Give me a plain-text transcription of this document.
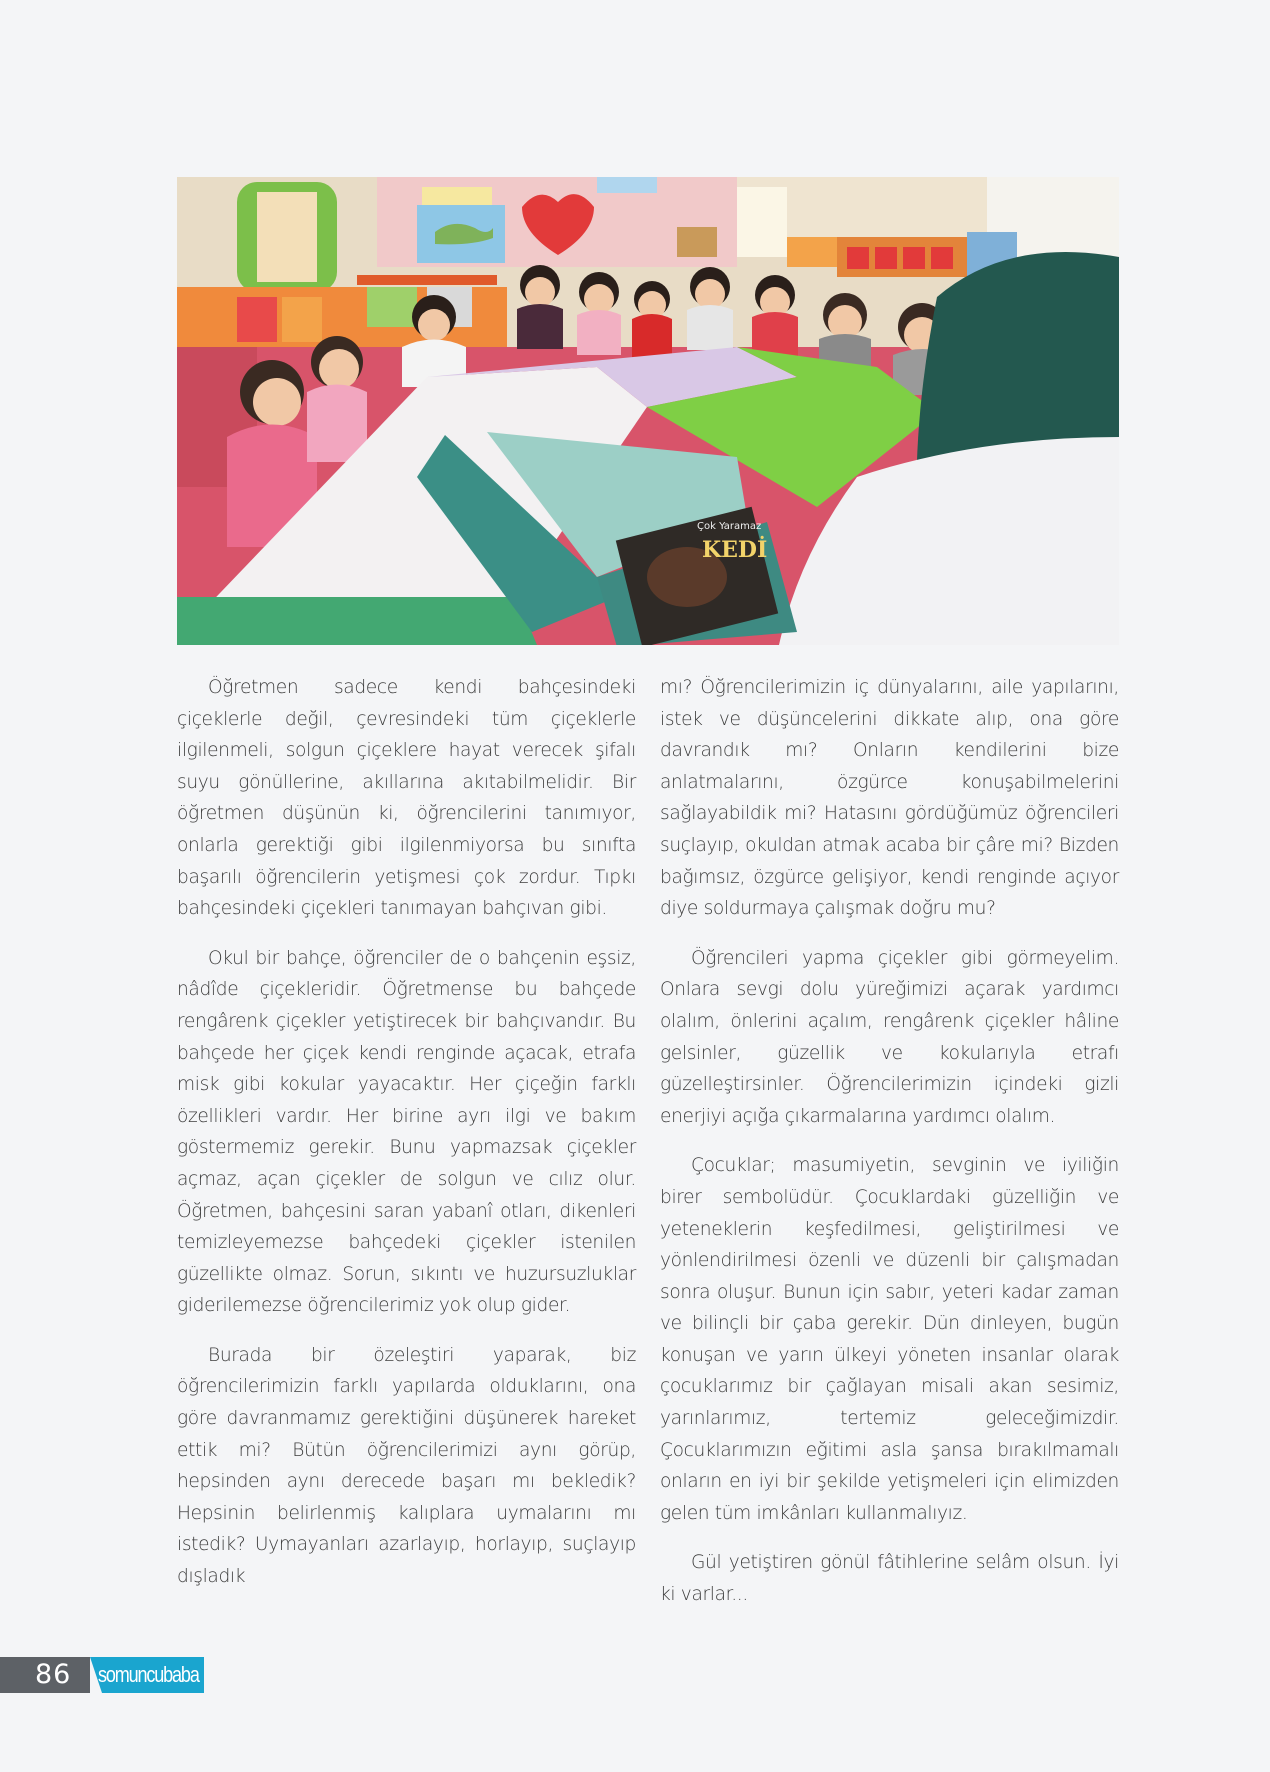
Çok Yaramaz
KEDİ

Öğretmen sadece kendi bahçesindeki çiçeklerle değil, çevresindeki tüm çiçeklerle ilgilenmeli, solgun çiçeklere hayat verecek şifalı suyu gönüllerine, akıllarına akıtabilmelidir. Bir öğretmen düşünün ki, öğrencilerini tanımıyor, onlarla gerektiği gibi ilgilenmiyorsa bu sınıfta başarılı öğrencilerin yetişmesi çok zordur. Tıpkı bahçesindeki çiçekleri tanımayan bahçıvan gibi.

Okul bir bahçe, öğrenciler de o bahçenin eşsiz, nâdîde çiçekleridir. Öğretmense bu bahçede rengârenk çiçekler yetiştirecek bir bahçıvandır. Bu bahçede her çiçek kendi renginde açacak, etrafa misk gibi kokular yayacaktır. Her çiçeğin farklı özellikleri vardır. Her birine ayrı ilgi ve bakım göstermemiz gerekir. Bunu yapmazsak çiçekler açmaz, açan çiçekler de solgun ve cılız olur. Öğretmen, bahçesini saran yabanî otları, dikenleri temizleyemezse bahçedeki çiçekler istenilen güzellikte olmaz. Sorun, sıkıntı ve huzursuzluklar giderilemezse öğrencilerimiz yok olup gider.

Burada bir özeleştiri yaparak, biz öğrencilerimizin farklı yapılarda olduklarını, ona göre davranmamız gerektiğini düşünerek hareket ettik mi? Bütün öğrencilerimizi aynı görüp, hepsinden aynı derecede başarı mı bekledik? Hepsinin belirlenmiş kalıplara uymalarını mı istedik? Uymayanları azarlayıp, horlayıp, suçlayıp dışladık

mı? Öğrencilerimizin iç dünyalarını, aile yapılarını, istek ve düşüncelerini dikkate alıp, ona göre davrandık mı? Onların kendilerini bize anlatmalarını, özgürce konuşabilmelerini sağlayabildik mi? Hatasını gördüğümüz öğrencileri suçlayıp, okuldan atmak acaba bir çâre mi? Bizden bağımsız, özgürce gelişiyor, kendi renginde açıyor diye soldurmaya çalışmak doğru mu?

Öğrencileri yapma çiçekler gibi görmeyelim. Onlara sevgi dolu yüreğimizi açarak yardımcı olalım, önlerini açalım, rengârenk çiçekler hâline gelsinler, güzellik ve kokularıyla etrafı güzelleştirsinler. Öğrencilerimizin içindeki gizli enerjiyi açığa çıkarmalarına yardımcı olalım.

Çocuklar; masumiyetin, sevginin ve iyiliğin birer sembolüdür. Çocuklardaki güzelliğin ve yeteneklerin keşfedilmesi, geliştirilmesi ve yönlendirilmesi özenli ve düzenli bir çalışmadan sonra oluşur. Bunun için sabır, yeteri kadar zaman ve bilinçli bir çaba gerekir. Dün dinleyen, bugün konuşan ve yarın ülkeyi yöneten insanlar olarak çocuklarımız bir çağlayan misali akan sesimiz, yarınlarımız, tertemiz geleceğimizdir. Çocuklarımızın eğitimi asla şansa bırakılmamalı onların en iyi bir şekilde yetişmeleri için elimizden gelen tüm imkânları kullanmalıyız.

Gül yetiştiren gönül fâtihlerine selâm olsun. İyi ki varlar...

86 somuncubaba
